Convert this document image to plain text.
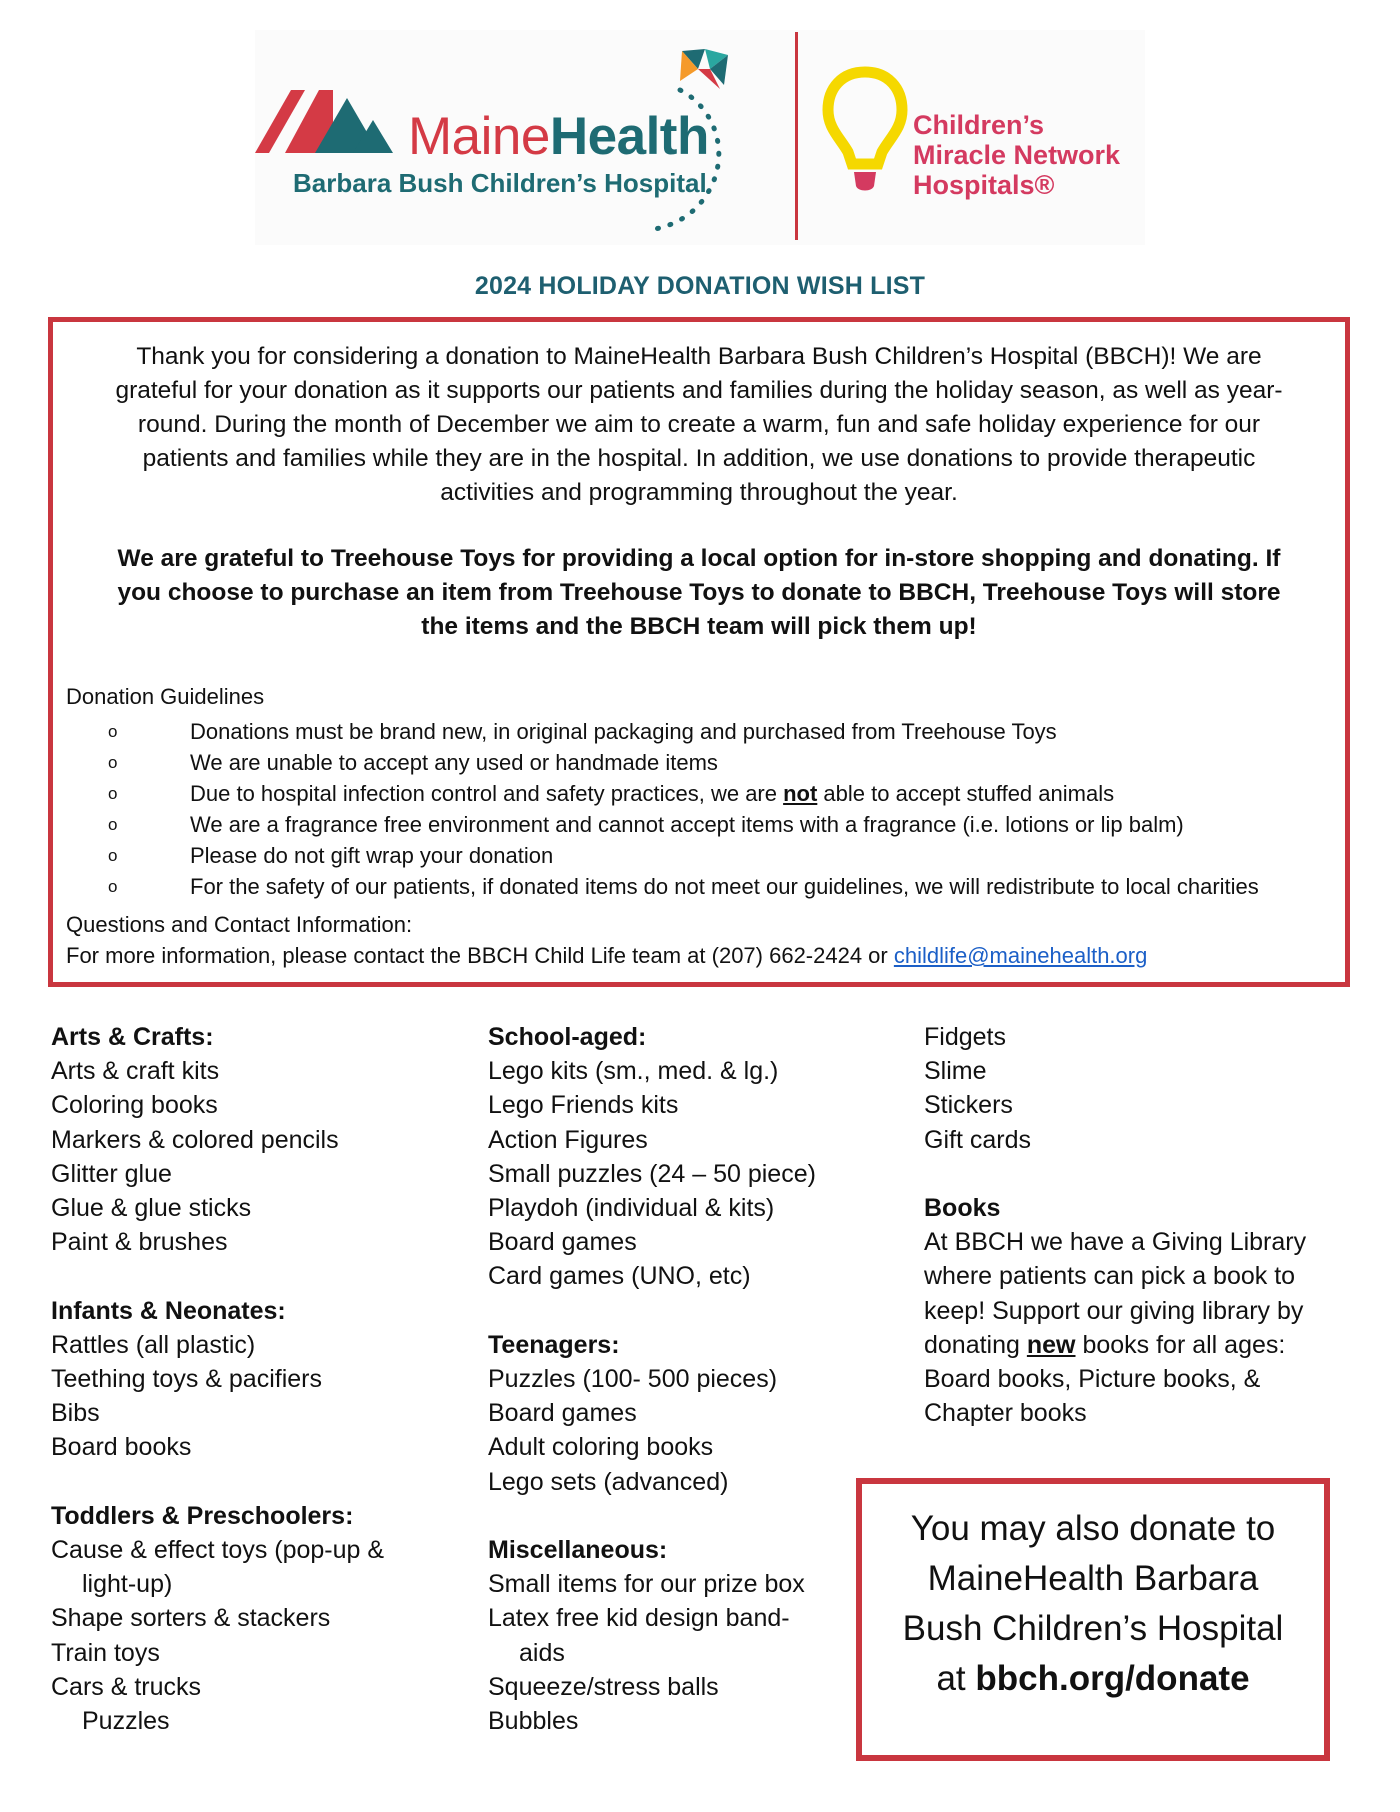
MaineHealth
Barbara Bush Children’s Hospital
Children’s
Miracle Network
Hospitals®
2024 HOLIDAY DONATION WISH LIST
Thank you for considering a donation to MaineHealth Barbara Bush Children’s Hospital (BBCH)! We are
grateful for your donation as it supports our patients and families during the holiday season, as well as year-
round. During the month of December we aim to create a warm, fun and safe holiday experience for our
patients and families while they are in the hospital. In addition, we use donations to provide therapeutic
activities and programming throughout the year.
We are grateful to Treehouse Toys for providing a local option for in-store shopping and donating. If
you choose to purchase an item from Treehouse Toys to donate to BBCH, Treehouse Toys will store
the items and the BBCH team will pick them up!
Donation Guidelines
o	Donations must be brand new, in original packaging and purchased from Treehouse Toys
o	We are unable to accept any used or handmade items
o	Due to hospital infection control and safety practices, we are not able to accept stuffed animals
o	We are a fragrance free environment and cannot accept items with a fragrance (i.e. lotions or lip balm)
o	Please do not gift wrap your donation
o	For the safety of our patients, if donated items do not meet our guidelines, we will redistribute to local charities
Questions and Contact Information:
For more information, please contact the BBCH Child Life team at (207) 662-2424 or childlife@mainehealth.org
Arts & Crafts:
Arts & craft kits
Coloring books
Markers & colored pencils
Glitter glue
Glue & glue sticks
Paint & brushes
Infants & Neonates:
Rattles (all plastic)
Teething toys & pacifiers
Bibs
Board books
Toddlers & Preschoolers:
Cause & effect toys (pop-up &
light-up)
Shape sorters & stackers
Train toys
Cars & trucks
Puzzles
School-aged:
Lego kits (sm., med. & lg.)
Lego Friends kits
Action Figures
Small puzzles (24 – 50 piece)
Playdoh (individual & kits)
Board games
Card games (UNO, etc)
Teenagers:
Puzzles (100- 500 pieces)
Board games
Adult coloring books
Lego sets (advanced)
Miscellaneous:
Small items for our prize box
Latex free kid design band-
aids
Squeeze/stress balls
Bubbles
Fidgets
Slime
Stickers
Gift cards
Books
At BBCH we have a Giving Library where patients can pick a book to keep! Support our giving library by donating new books for all ages: Board books, Picture books, & Chapter books
You may also donate to
MaineHealth Barbara
Bush Children’s Hospital
at bbch.org/donate
